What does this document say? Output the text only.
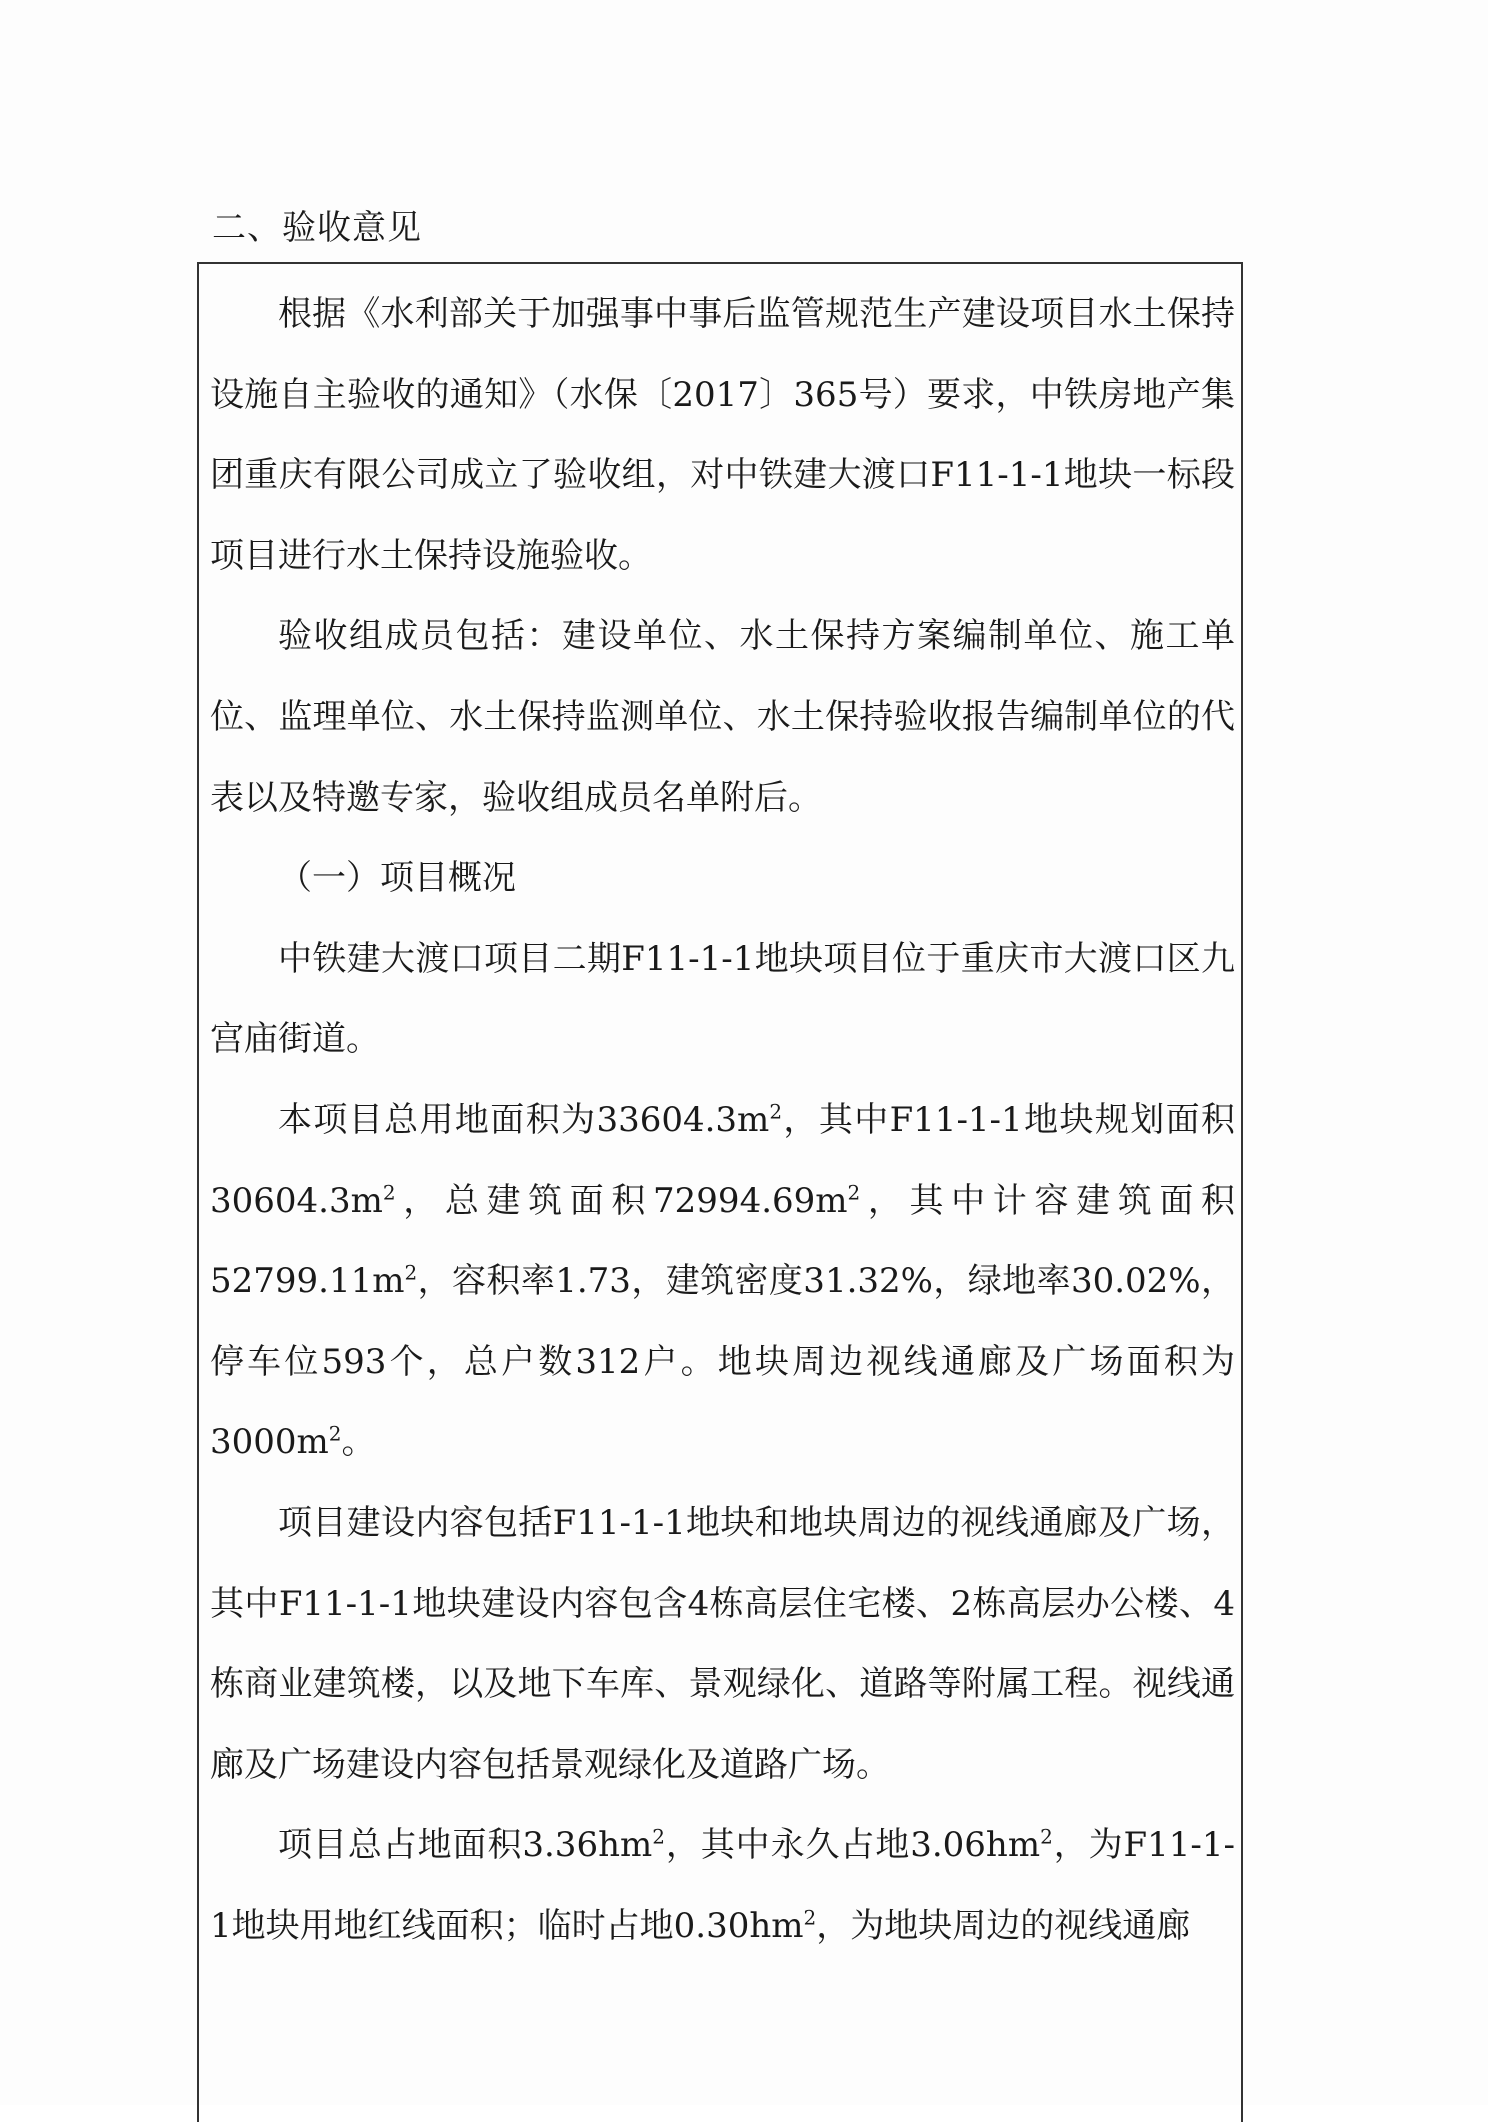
二、验收意见

根据《水利部关于加强事中事后监管规范生产建设项目水土保持设施自主验收的通知》（水保〔2017〕365号）要求，中铁房地产集团重庆有限公司成立了验收组，对中铁建大渡口F11-1-1地块一标段项目进行水土保持设施验收。

验收组成员包括：建设单位、水土保持方案编制单位、施工单位、监理单位、水土保持监测单位、水土保持验收报告编制单位的代表以及特邀专家，验收组成员名单附后。

（一）项目概况

中铁建大渡口项目二期F11-1-1地块项目位于重庆市大渡口区九宫庙街道。

本项目总用地面积为$33604.3m^2$，其中F11-1-1地块规划面积$30604.3m^2$，总建筑面积$72994.69m^2$，其中计容建筑面积$52799.11m^2$，容积率1.73，建筑密度31.32%，绿地率30.02%，停车位593个，总户数312户。地块周边视线通廊及广场面积为$3000m^2$。

项目建设内容包括F11-1-1地块和地块周边的视线通廊及广场，其中F11-1-1地块建设内容包含4栋高层住宅楼、2栋高层办公楼、4栋商业建筑楼，以及地下车库、景观绿化、道路等附属工程。视线通廊及广场建设内容包括景观绿化及道路广场。

项目总占地面积$3.36hm^2$，其中永久占地$3.06hm^2$，为F11-1-1地块用地红线面积；临时占地$0.30hm^2$，为地块周边的视线通廊
